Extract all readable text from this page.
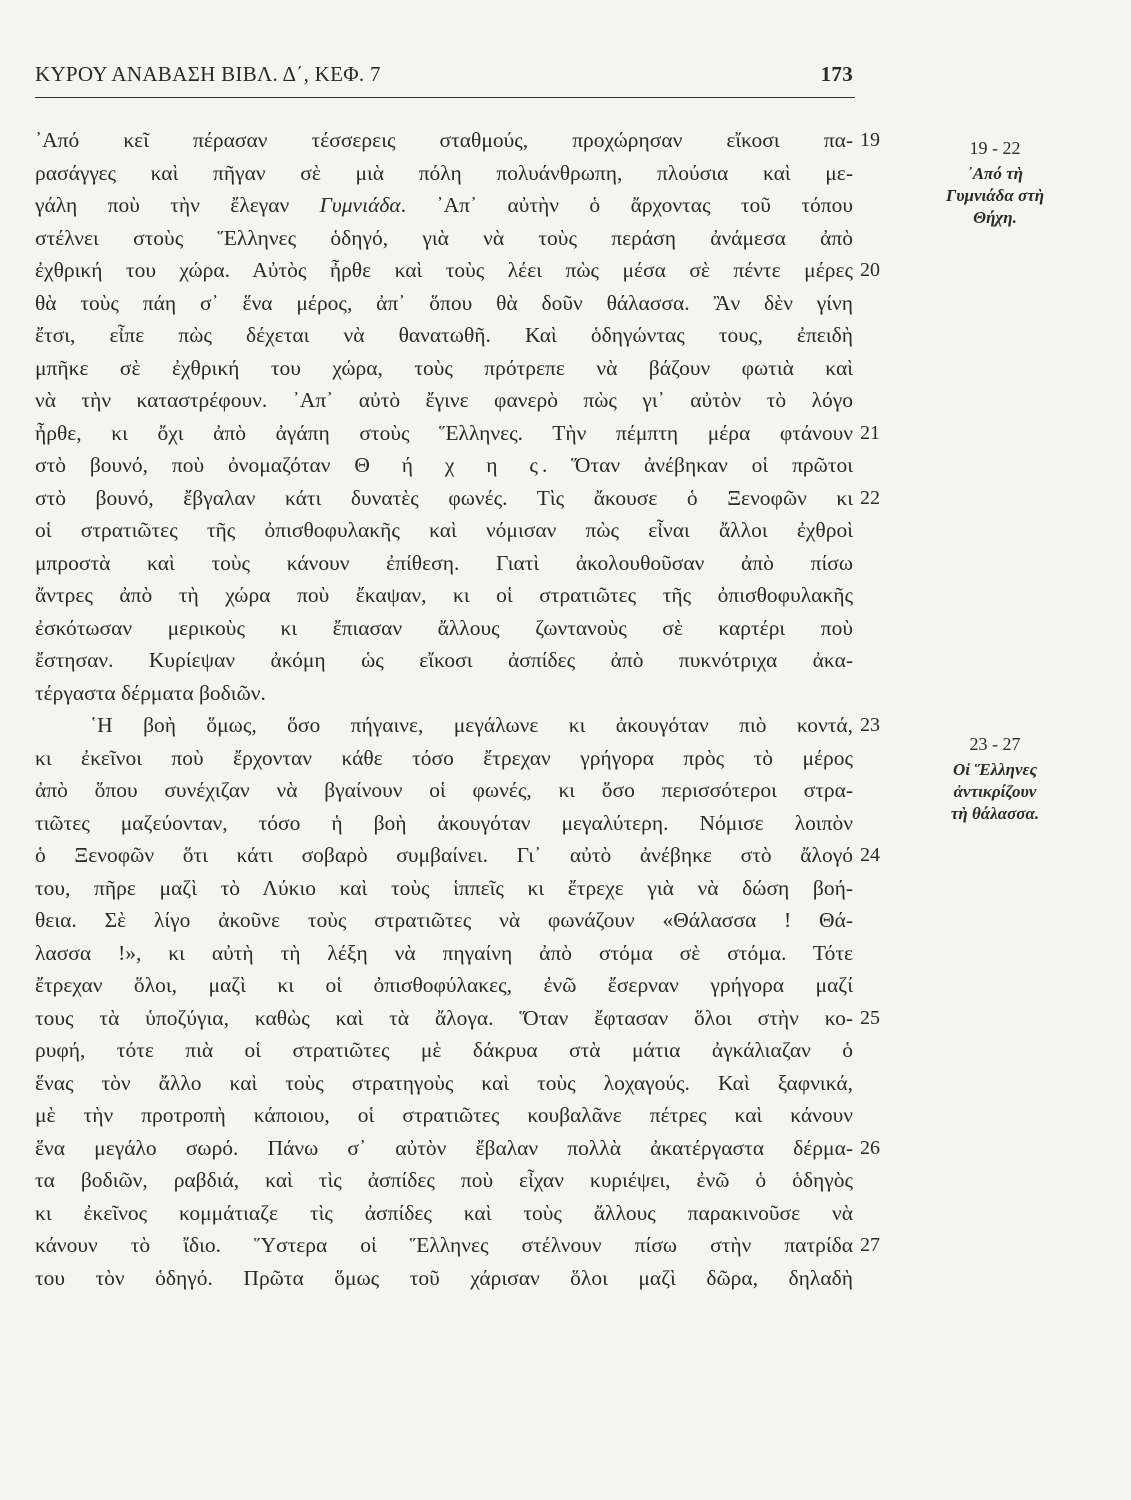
ΚΥΡΟΥ ΑΝΑΒΑΣΗ ΒΙΒΛ. Δ΄, ΚΕΦ. 7	173
᾿Από κεῖ πέρασαν τέσσερεις σταθμούς, προχώρησαν εἴκοσι πα-
ρασάγγες καὶ πῆγαν σὲ μιὰ πόλη πολυάνθρωπη, πλούσια καὶ με-
γάλη ποὺ τὴν ἔλεγαν Γυμνιάδα. ᾿Απ᾿ αὐτὴν ὁ ἄρχοντας τοῦ τόπου
στέλνει στοὺς Ἕλληνες ὁδηγό, γιὰ νὰ τοὺς περάση ἀνάμεσα ἀπὸ
ἐχθρική του χώρα. Αὐτὸς ἦρθε καὶ τοὺς λέει πὼς μέσα σὲ πέντε μέρες
θὰ τοὺς πάη σ᾿ ἕνα μέρος, ἀπ᾿ ὅπου θὰ δοῦν θάλασσα. Ἂν δὲν γίνη
ἔτσι, εἶπε πὼς δέχεται νὰ θανατωθῆ. Καὶ ὁδηγώντας τους, ἐπειδὴ
μπῆκε σὲ ἐχθρική του χώρα, τοὺς πρότρεπε νὰ βάζουν φωτιὰ καὶ
νὰ τὴν καταστρέφουν. ᾿Απ᾿ αὐτὸ ἔγινε φανερὸ πὼς γι᾿ αὐτὸν τὸ λόγο
ἦρθε, κι ὄχι ἀπὸ ἀγάπη στοὺς Ἕλληνες. Τὴν πέμπτη μέρα φτάνουν
στὸ βουνό, ποὺ ὀνομαζόταν Θ ή χ η ς. Ὅταν ἀνέβηκαν οἱ πρῶτοι
στὸ βουνό, ἔβγαλαν κάτι δυνατὲς φωνές. Τὶς ἄκουσε ὁ Ξενοφῶν κι
οἱ στρατιῶτες τῆς ὀπισθοφυλακῆς καὶ νόμισαν πὼς εἶναι ἄλλοι ἐχθροὶ
μπροστὰ καὶ τοὺς κάνουν ἐπίθεση. Γιατὶ ἀκολουθοῦσαν ἀπὸ πίσω
ἄντρες ἀπὸ τὴ χώρα ποὺ ἔκαψαν, κι οἱ στρατιῶτες τῆς ὀπισθοφυλακῆς
ἐσκότωσαν μερικοὺς κι ἔπιασαν ἄλλους ζωντανοὺς σὲ καρτέρι ποὺ
ἔστησαν. Κυρίεψαν ἀκόμη ὡς εἴκοσι ἀσπίδες ἀπὸ πυκνότριχα ἀκα-
τέργαστα δέρματα βοδιῶν.
῾Η βοὴ ὅμως, ὅσο πήγαινε, μεγάλωνε κι ἀκουγόταν πιὸ κοντά,
κι ἐκεῖνοι ποὺ ἔρχονταν κάθε τόσο ἔτρεχαν γρήγορα πρὸς τὸ μέρος
ἀπὸ ὅπου συνέχιζαν νὰ βγαίνουν οἱ φωνές, κι ὅσο περισσότεροι στρα-
τιῶτες μαζεύονταν, τόσο ἡ βοὴ ἀκουγόταν μεγαλύτερη. Νόμισε λοιπὸν
ὁ Ξενοφῶν ὅτι κάτι σοβαρὸ συμβαίνει. Γι᾿ αὐτὸ ἀνέβηκε στὸ ἄλογό
του, πῆρε μαζὶ τὸ Λύκιο καὶ τοὺς ἱππεῖς κι ἔτρεχε γιὰ νὰ δώση βοή-
θεια. Σὲ λίγο ἀκοῦνε τοὺς στρατιῶτες νὰ φωνάζουν «Θάλασσα ! Θά-
λασσα !», κι αὐτὴ τὴ λέξη νὰ πηγαίνη ἀπὸ στόμα σὲ στόμα. Τότε
ἔτρεχαν ὅλοι, μαζὶ κι οἱ ὀπισθοφύλακες, ἐνῶ ἔσερναν γρήγορα μαζί
τους τὰ ὑποζύγια, καθὼς καὶ τὰ ἄλογα. Ὅταν ἔφτασαν ὅλοι στὴν κο-
ρυφή, τότε πιὰ οἱ στρατιῶτες μὲ δάκρυα στὰ μάτια ἀγκάλιαζαν ὁ
ἕνας τὸν ἄλλο καὶ τοὺς στρατηγοὺς καὶ τοὺς λοχαγούς. Καὶ ξαφνικά,
μὲ τὴν προτροπὴ κάποιου, οἱ στρατιῶτες κουβαλᾶνε πέτρες καὶ κάνουν
ἕνα μεγάλο σωρό. Πάνω σ᾿ αὐτὸν ἔβαλαν πολλὰ ἀκατέργαστα δέρμα-
τα βοδιῶν, ραβδιά, καὶ τὶς ἀσπίδες ποὺ εἶχαν κυριέψει, ἐνῶ ὁ ὁδηγὸς
κι ἐκεῖνος κομμάτιαζε τὶς ἀσπίδες καὶ τοὺς ἄλλους παρακινοῦσε νὰ
κάνουν τὸ ἴδιο. Ὕστερα οἱ Ἕλληνες στέλνουν πίσω στὴν πατρίδα
του τὸν ὁδηγό. Πρῶτα ὅμως τοῦ χάρισαν ὅλοι μαζὶ δῶρα, δηλαδὴ
19
20
21
22
23
24
25
26
27
19 - 22
᾿Από τὴ
Γυμνιάδα στὴ
Θήχη.
23 - 27
Οἱ Ἕλληνες
ἀντικρίζουν
τὴ θάλασσα.
